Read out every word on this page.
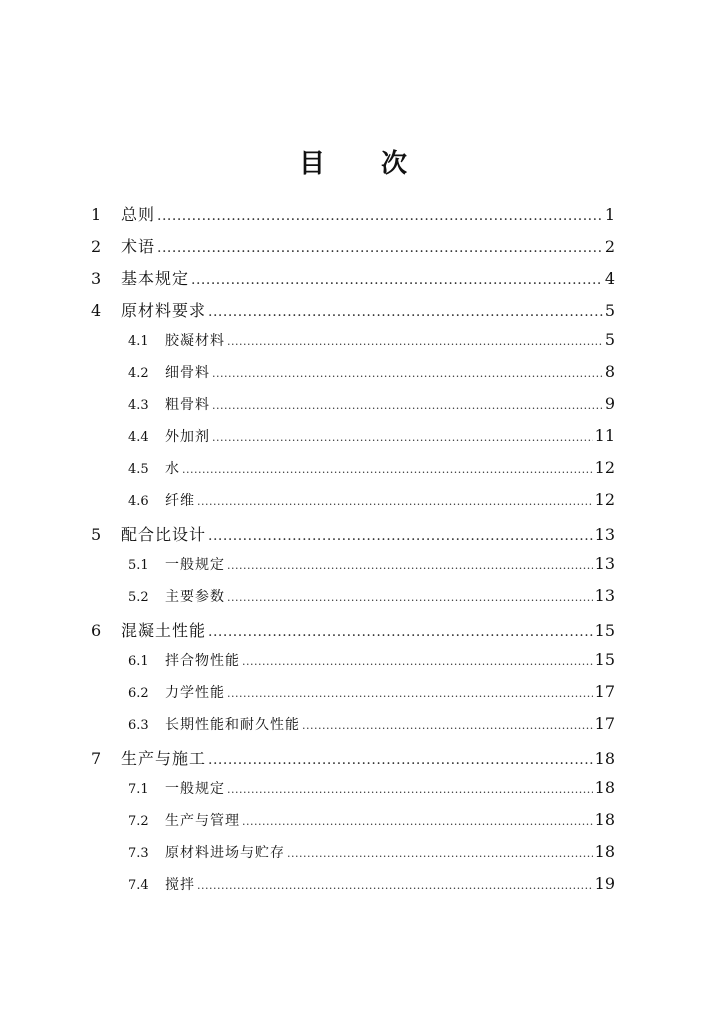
目 次
1	总则 .....	1
2	术语 .....	2
3	基本规定 .....	4
4	原材料要求 .....	5
4.1	胶凝材料 .....	5
4.2	细骨料 .....	8
4.3	粗骨料 .....	9
4.4	外加剂 .....	11
4.5	水 .....	12
4.6	纤维 .....	12
5	配合比设计 .....	13
5.1	一般规定 .....	13
5.2	主要参数 .....	13
6	混凝土性能 .....	15
6.1	拌合物性能 .....	15
6.2	力学性能 .....	17
6.3	长期性能和耐久性能 .....	17
7	生产与施工 .....	18
7.1	一般规定 .....	18
7.2	生产与管理 .....	18
7.3	原材料进场与贮存 .....	18
7.4	搅拌 .....	19
